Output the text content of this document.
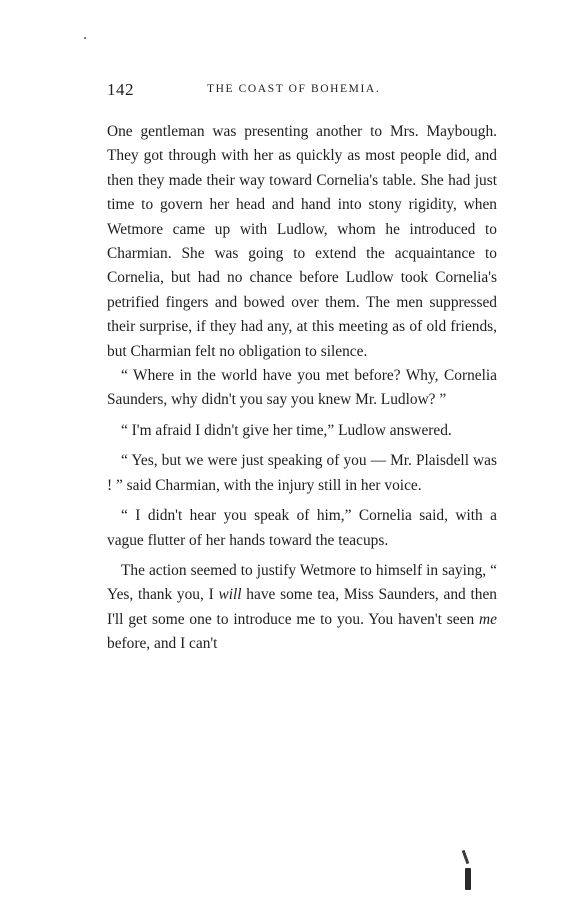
142	THE COAST OF BOHEMIA.

One gentleman was presenting another to Mrs. Maybough. They got through with her as quickly as most people did, and then they made their way toward Cornelia's table. She had just time to govern her head and hand into stony rigidity, when Wetmore came up with Ludlow, whom he introduced to Charmian. She was going to extend the acquaintance to Cornelia, but had no chance before Ludlow took Cornelia's petrified fingers and bowed over them. The men suppressed their surprise, if they had any, at this meeting as of old friends, but Charmian felt no obligation to silence.

“ Where in the world have you met before? Why, Cornelia Saunders, why didn't you say you knew Mr. Ludlow? ”

“ I'm afraid I didn't give her time,” Ludlow answered.

“ Yes, but we were just speaking of you — Mr. Plaisdell was ! ” said Charmian, with the injury still in her voice.

“ I didn't hear you speak of him,” Cornelia said, with a vague flutter of her hands toward the teacups.

The action seemed to justify Wetmore to himself in saying, “ Yes, thank you, I will have some tea, Miss Saunders, and then I'll get some one to introduce me to you. You haven't seen me before, and I can't
